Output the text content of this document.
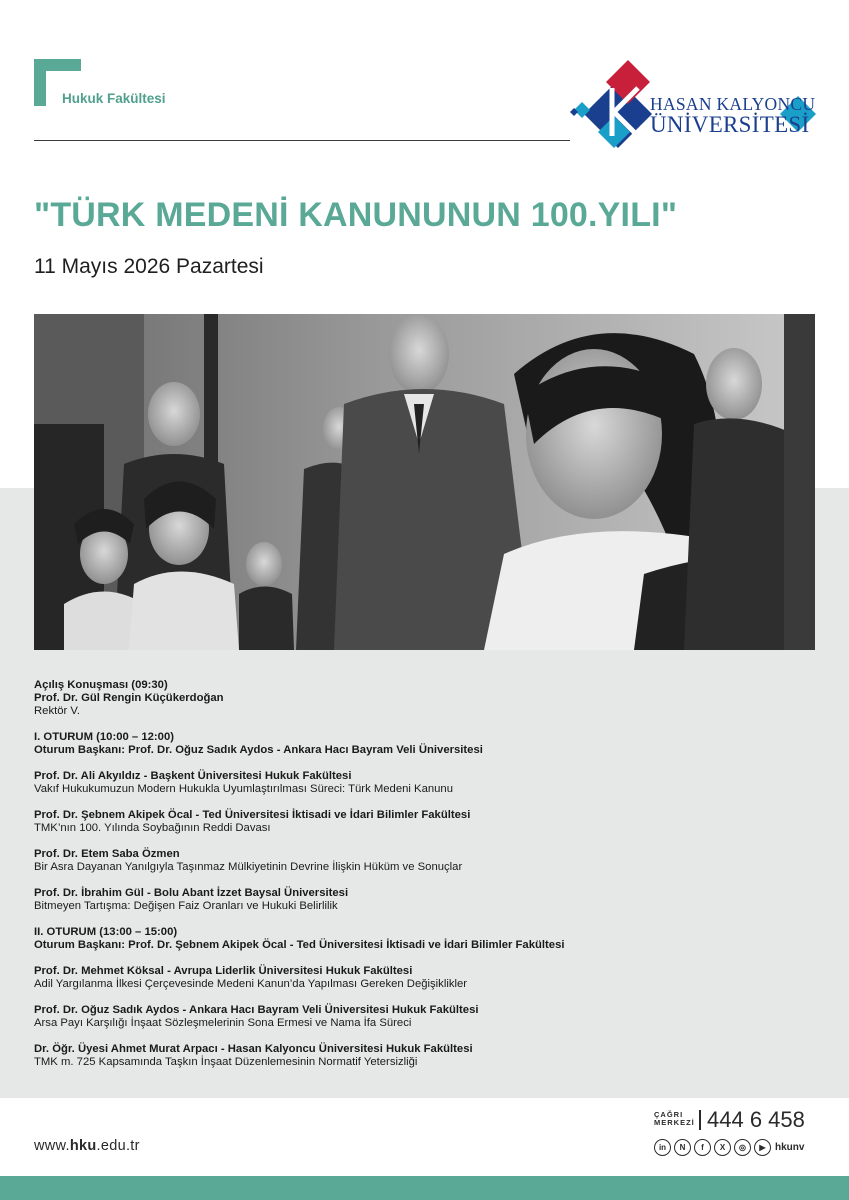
Hukuk Fakültesi	HASAN KALYONCU
ÜNİVERSİTESİ
"TÜRK MEDENİ KANUNUNUN 100.YILI"
11 Mayıs 2026 Pazartesi
Açılış Konuşması (09:30)
Prof. Dr. Gül Rengin Küçükerdoğan
Rektör V.
I. OTURUM (10:00 – 12:00)
Oturum Başkanı: Prof. Dr. Oğuz Sadık Aydos - Ankara Hacı Bayram Veli Üniversitesi
Prof. Dr. Ali Akyıldız - Başkent Üniversitesi Hukuk Fakültesi
Vakıf Hukukumuzun Modern Hukukla Uyumlaştırılması Süreci: Türk Medeni Kanunu
Prof. Dr. Şebnem Akipek Öcal - Ted Üniversitesi İktisadi ve İdari Bilimler Fakültesi
TMK’nın 100. Yılında Soybağının Reddi Davası
Prof. Dr. Etem Saba Özmen
Bir Asra Dayanan Yanılgıyla Taşınmaz Mülkiyetinin Devrine İlişkin Hüküm ve Sonuçlar
Prof. Dr. İbrahim Gül - Bolu Abant İzzet Baysal Üniversitesi
Bitmeyen Tartışma: Değişen Faiz Oranları ve Hukuki Belirlilik
II. OTURUM (13:00 – 15:00)
Oturum Başkanı: Prof. Dr. Şebnem Akipek Öcal - Ted Üniversitesi İktisadi ve İdari Bilimler Fakültesi
Prof. Dr. Mehmet Köksal - Avrupa Liderlik Üniversitesi Hukuk Fakültesi
Adil Yargılanma İlkesi Çerçevesinde Medeni Kanun’da Yapılması Gereken Değişiklikler
Prof. Dr. Oğuz Sadık Aydos - Ankara Hacı Bayram Veli Üniversitesi Hukuk Fakültesi
Arsa Payı Karşılığı İnşaat Sözleşmelerinin Sona Ermesi ve Nama İfa Süreci
Dr. Öğr. Üyesi Ahmet Murat Arpacı - Hasan Kalyoncu Üniversitesi Hukuk Fakültesi
TMK m. 725 Kapsamında Taşkın İnşaat Düzenlemesinin Normatif Yetersizliği
www.hku.edu.tr
ÇAĞRI
MERKEZİ 444 6 458
in	N	f	X	◎	▶ hkunv
